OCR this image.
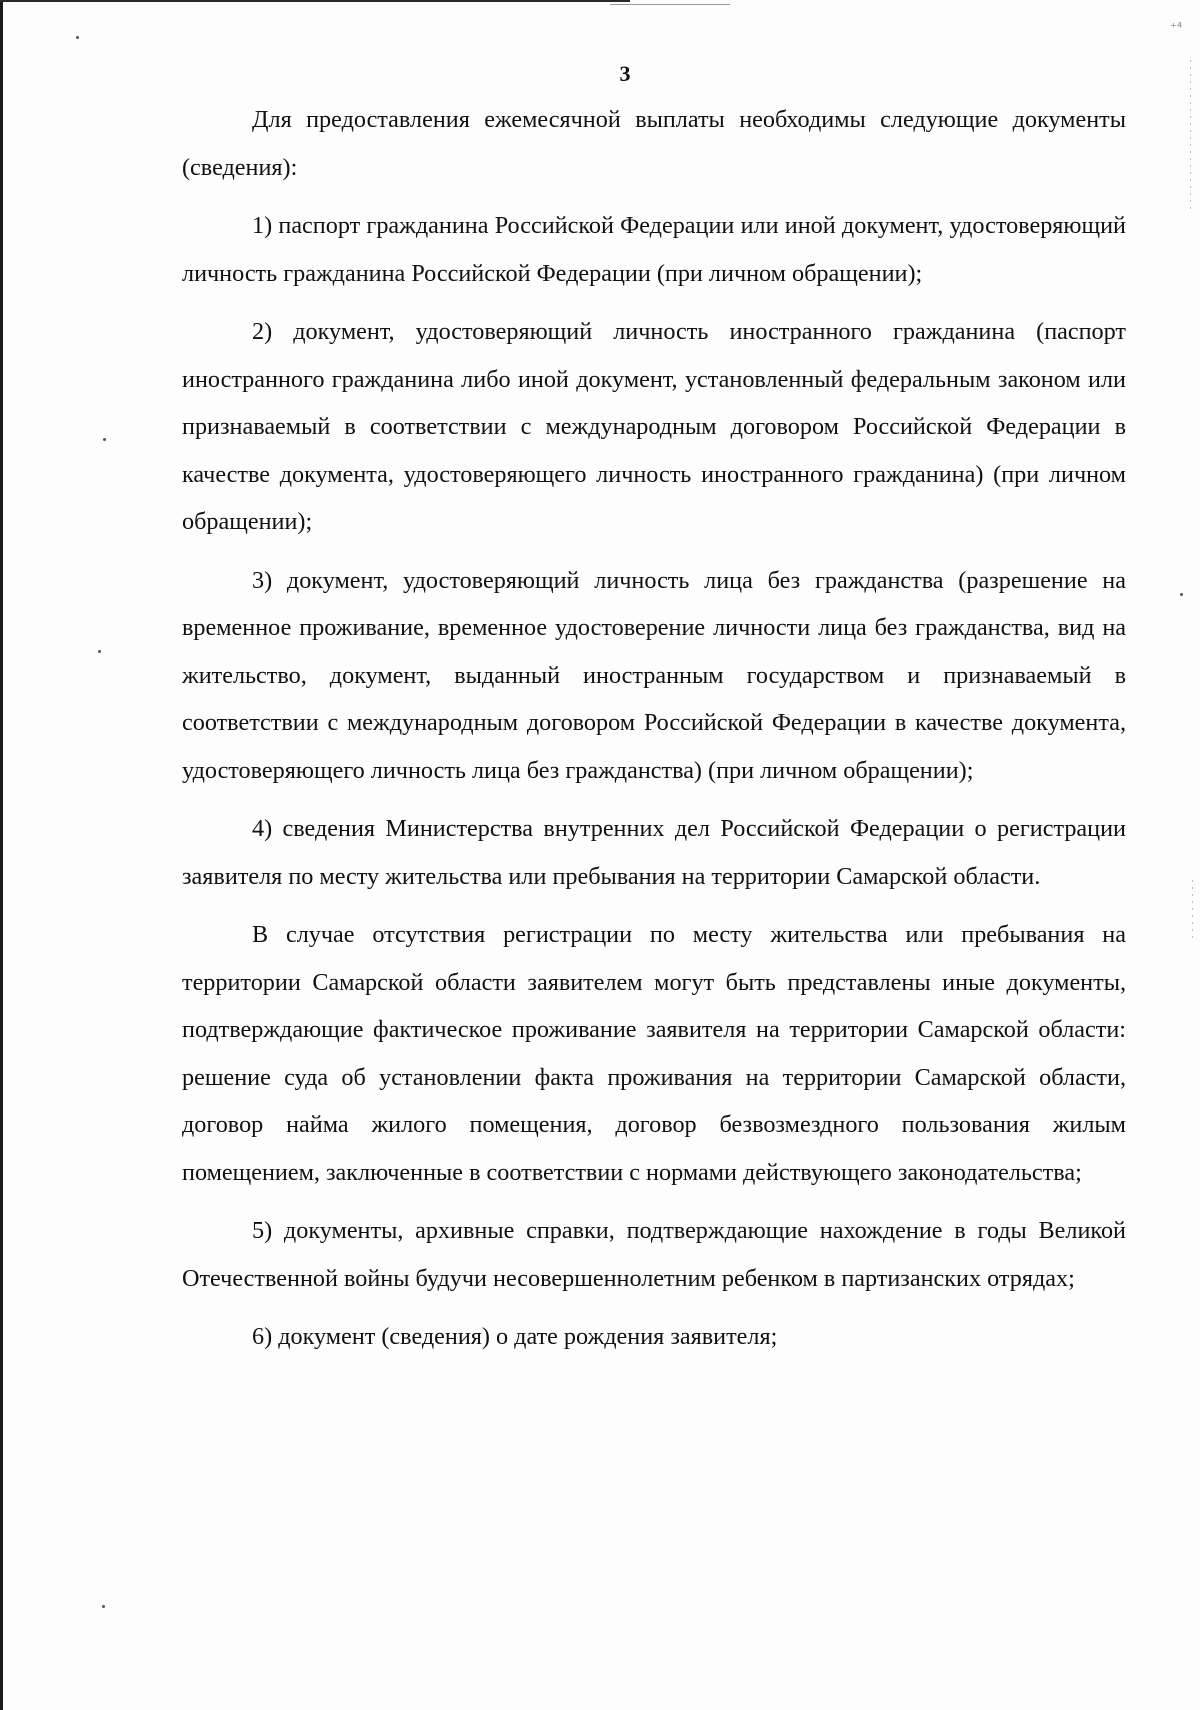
⁺⁴
3

Для предоставления ежемесячной выплаты необходимы следующие документы (сведения):

1) паспорт гражданина Российской Федерации или иной документ, удостоверяющий личность гражданина Российской Федерации (при личном обращении);

2) документ, удостоверяющий личность иностранного гражданина (паспорт иностранного гражданина либо иной документ, установленный федеральным законом или признаваемый в соответствии с международным договором Российской Федерации в качестве документа, удостоверяющего личность иностранного гражданина) (при личном обращении);

3) документ, удостоверяющий личность лица без гражданства (разрешение на временное проживание, временное удостоверение личности лица без гражданства, вид на жительство, документ, выданный иностранным государством и признаваемый в соответствии с международным договором Российской Федерации в качестве документа, удостоверяющего личность лица без гражданства) (при личном обращении);

4) сведения Министерства внутренних дел Российской Федерации о регистрации заявителя по месту жительства или пребывания на территории Самарской области.

В случае отсутствия регистрации по месту жительства или пребывания на территории Самарской области заявителем могут быть представлены иные документы, подтверждающие фактическое проживание заявителя на территории Самарской области: решение суда об установлении факта проживания на территории Самарской области, договор найма жилого помещения, договор безвозмездного пользования жилым помещением, заключенные в соответствии с нормами действующего законодательства;

5) документы, архивные справки, подтверждающие нахождение в годы Великой Отечественной войны будучи несовершеннолетним ребенком в партизанских отрядах;

6) документ (сведения) о дате рождения заявителя;
